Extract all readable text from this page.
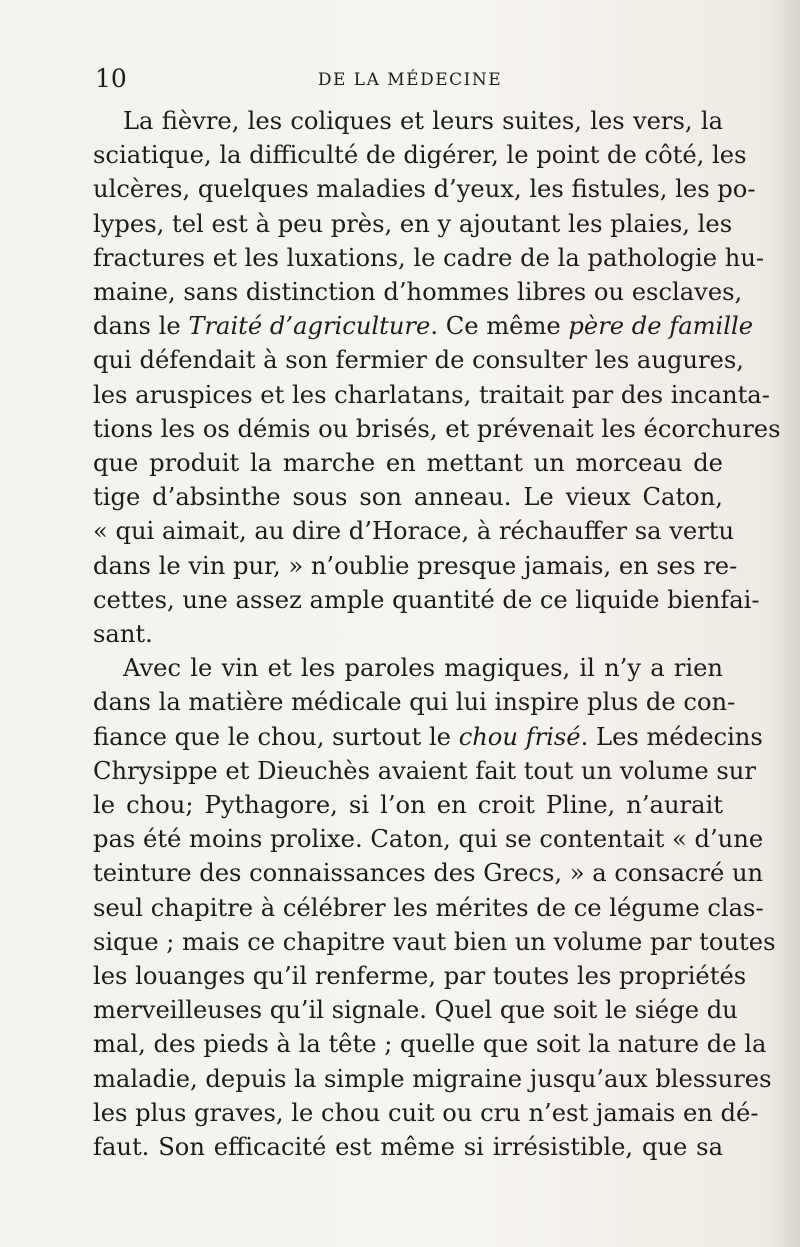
10	DE LA MÉDECINE
La fièvre, les coliques et leurs suites, les vers, la
sciatique, la difficulté de digérer, le point de côté, les
ulcères, quelques maladies d’yeux, les fistules, les po-
lypes, tel est à peu près, en y ajoutant les plaies, les
fractures et les luxations, le cadre de la pathologie hu-
maine, sans distinction d’hommes libres ou esclaves,
dans le Traité d’agriculture. Ce même père de famille
qui défendait à son fermier de consulter les augures,
les aruspices et les charlatans, traitait par des incanta-
tions les os démis ou brisés, et prévenait les écorchures
que produit la marche en mettant un morceau de
tige d’absinthe sous son anneau. Le vieux Caton,
« qui aimait, au dire d’Horace, à réchauffer sa vertu
dans le vin pur, » n’oublie presque jamais, en ses re-
cettes, une assez ample quantité de ce liquide bienfai-
sant.
Avec le vin et les paroles magiques, il n’y a rien
dans la matière médicale qui lui inspire plus de con-
fiance que le chou, surtout le chou frisé. Les médecins
Chrysippe et Dieuchès avaient fait tout un volume sur
le chou; Pythagore, si l’on en croit Pline, n’aurait
pas été moins prolixe. Caton, qui se contentait « d’une
teinture des connaissances des Grecs, » a consacré un
seul chapitre à célébrer les mérites de ce légume clas-
sique ; mais ce chapitre vaut bien un volume par toutes
les louanges qu’il renferme, par toutes les propriétés
merveilleuses qu’il signale. Quel que soit le siége du
mal, des pieds à la tête ; quelle que soit la nature de la
maladie, depuis la simple migraine jusqu’aux blessures
les plus graves, le chou cuit ou cru n’est jamais en dé-
faut. Son efficacité est même si irrésistible, que sa
